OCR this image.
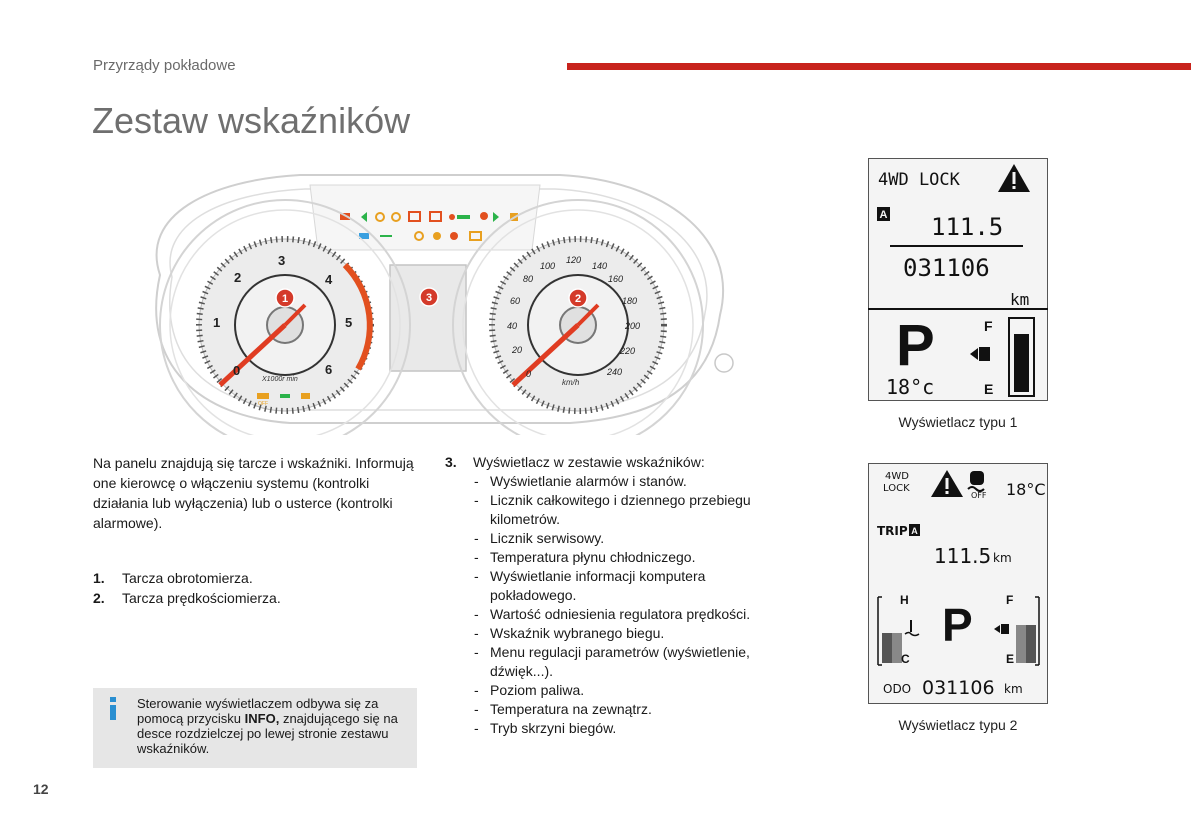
Przyrządy pokładowe
Zestaw wskaźników
0
1
2
3
4
5
6
X1000r min
OFF
0
20
40
60
80
100
120
140
160
180
200
220
240
km/h
1	2
3
4WD LOCK
A 111.5
031106
km
P	F
E
18°c
Wyświetlacz typu 1
4WD
LOCK
OFF 18°C
TRIP A
111.5 km
H
C
P	F
E
ODO 031106 km
Wyświetlacz typu 2
Na panelu znajdują się tarcze i wskaźniki. Informują one kierowcę o włączeniu systemu (kontrolki działania lub wyłączenia) lub o usterce (kontrolki alarmowe).
1.	Tarcza obrotomierza.
2.	Tarcza prędkościomierza.
Sterowanie wyświetlaczem odbywa się za pomocą przycisku INFO, znajdującego się na desce rozdzielczej po lewej stronie zestawu wskaźników.
3.	Wyświetlacz w zestawie wskaźników:
- Wyświetlanie alarmów i stanów.
- Licznik całkowitego i dziennego przebiegu kilometrów.
- Licznik serwisowy.
- Temperatura płynu chłodniczego.
- Wyświetlanie informacji komputera pokładowego.
- Wartość odniesienia regulatora prędkości.
- Wskaźnik wybranego biegu.
- Menu regulacji parametrów (wyświetlenie, dźwięk...).
- Poziom paliwa.
- Temperatura na zewnątrz.
- Tryb skrzyni biegów.
12
